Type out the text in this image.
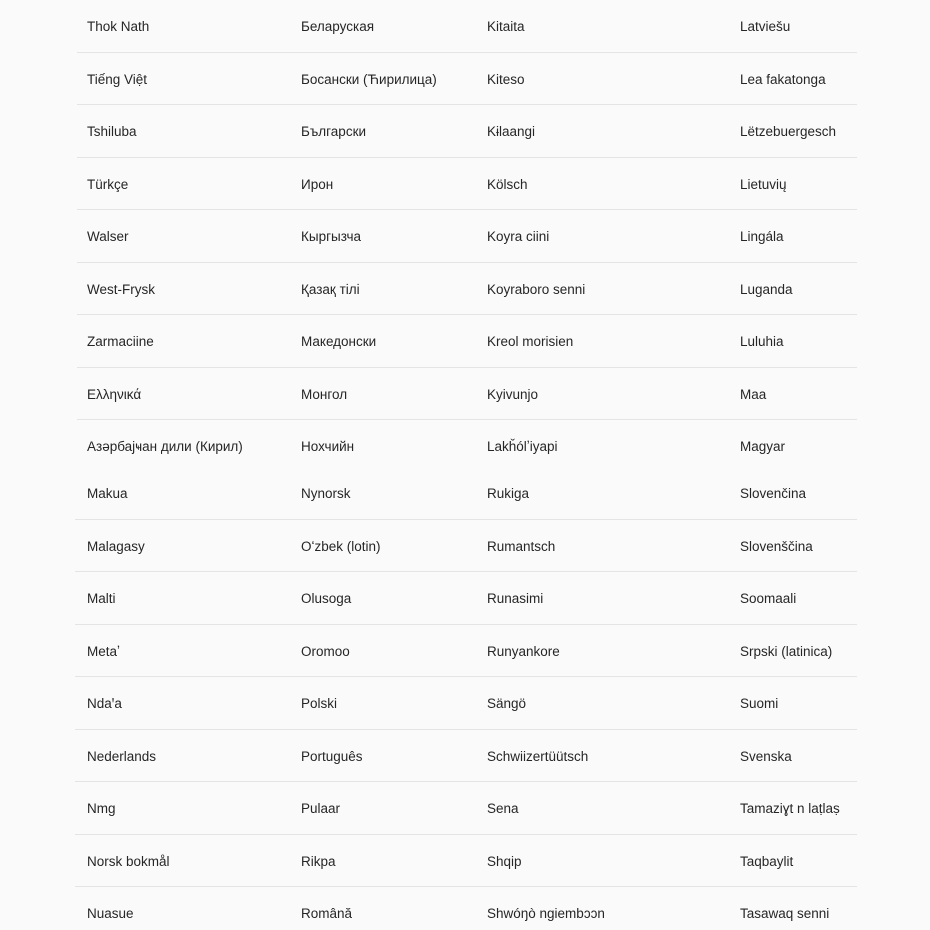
Thok Nath	Беларуская	Kitaita	Latviešu
Tiếng Việt	Босански (Ћирилица)	Kiteso	Lea fakatonga
Tshiluba	Български	Kɨlaangi	Lëtzebuergesch
Türkçe	Ирон	Kölsch	Lietuvių
Walser	Кыргызча	Koyra ciini	Lingála
West-Frysk	Қазақ тілі	Koyraboro senni	Luganda
Zarmaciine	Македонски	Kreol morisien	Luluhia
Ελληνικά	Монгол	Kyivunjo	Maa
Азәрбајҹан дили (Кирил)	Нохчийн	Lakȟólʼiyapi	Magyar
Makua	Nynorsk	Rukiga	Slovenčina
Malagasy	Oʻzbek (lotin)	Rumantsch	Slovenščina
Malti	Olusoga	Runasimi	Soomaali
Metaʼ	Oromoo	Runyankore	Srpski (latinica)
Ndaꞌa	Polski	Sängö	Suomi
Nederlands	Português	Schwiizertüütsch	Svenska
Nmg	Pulaar	Sena	Tamaziɣt n laṭlaṣ
Norsk bokmål	Rikpa	Shqip	Taqbaylit
Nuasue	Română	Shwóŋò ngiembɔɔn	Tasawaq senni
